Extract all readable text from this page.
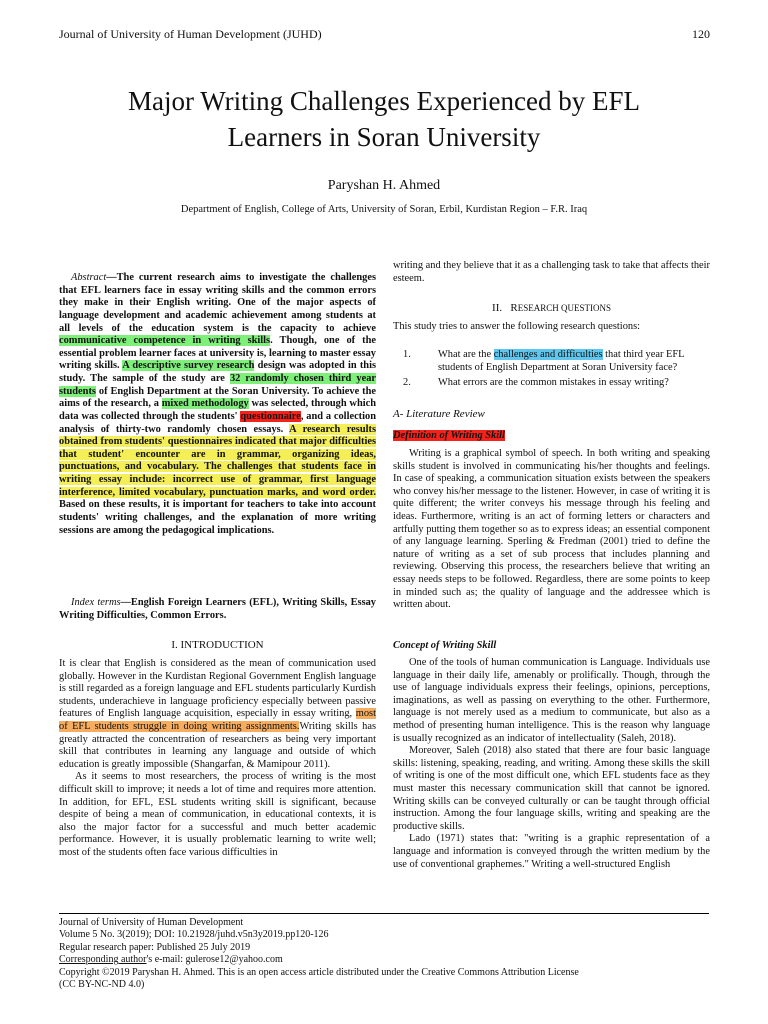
Journal of University of Human Development (JUHD)	120
Major Writing Challenges Experienced by EFL
Learners in Soran University
Paryshan H. Ahmed
Department of English, College of Arts, University of Soran, Erbil, Kurdistan Region – F.R. Iraq
Abstract—The current research aims to investigate the challenges that EFL learners face in essay writing skills and the common errors they make in their English writing. One of the major aspects of language development and academic achievement among students at all levels of the education system is the capacity to achieve communicative competence in writing skills. Though, one of the essential problem learner faces at university is, learning to master essay writing skills. A descriptive survey research design was adopted in this study. The sample of the study are 32 randomly chosen third year students of English Department at the Soran University. To achieve the aims of the research, a mixed methodology was selected, through which data was collected through the students' questionnaire, and a collection analysis of thirty-two randomly chosen essays. A research results obtained from students' questionnaires indicated that major difficulties that student' encounter are in grammar, organizing ideas, punctuations, and vocabulary. The challenges that students face in writing essay include: incorrect use of grammar, first language interference, limited vocabulary, punctuation marks, and word order. Based on these results, it is important for teachers to take into account students' writing challenges, and the explanation of more writing sessions are among the pedagogical implications.
Index terms—English Foreign Learners (EFL), Writing Skills, Essay Writing Difficulties, Common Errors.
I. INTRODUCTION

It is clear that English is considered as the mean of communication used globally. However in the Kurdistan Regional Government English language is still regarded as a foreign language and EFL students particularly Kurdish students, underachieve in language proficiency especially between passive features of English language acquisition, especially in essay writing, most of EFL students struggle in doing writing assignments.Writing skills has greatly attracted the concentration of researchers as being very important skill that contributes in learning any language and outside of which education is greatly impossible (Shangarfan, & Mamipour 2011).

As it seems to most researchers, the process of writing is the most difficult skill to improve; it needs a lot of time and requires more attention. In addition, for EFL, ESL students writing skill is significant, because despite of being a mean of communication, in educational contexts, it is also the major factor for a successful and much better academic performance. However, it is usually problematic learning to write well; most of the students often face various difficulties in

writing and they believe that it as a challenging task to take that affects their esteem.
II. RESEARCH QUESTIONS
This study tries to answer the following research questions:
1.	What are the challenges and difficulties that third year EFL students of English Department at Soran University face?
2.	What errors are the common mistakes in essay writing?
A- Literature Review
Definition of Writing Skill

Writing is a graphical symbol of speech. In both writing and speaking skills student is involved in communicating his/her thoughts and feelings. In case of speaking, a communication situation exists between the speakers who convey his/her message to the listener. However, in case of writing it is quite different; the writer conveys his message through his feeling and ideas. Furthermore, writing is an act of forming letters or characters and artfully putting them together so as to express ideas; an essential component of any language learning. Sperling & Fredman (2001) tried to define the nature of writing as a set of sub process that includes planning and reviewing. Observing this process, the researchers believe that writing an essay needs steps to be followed. Regardless, there are some points to keep in minded such as; the quality of language and the addressee which is written about.

Concept of Writing Skill

One of the tools of human communication is Language. Individuals use language in their daily life, amenably or prolifically. Though, through the use of language individuals express their feelings, opinions, perceptions, imaginations, as well as passing on everything to the other. Furthermore, language is not merely used as a medium to communicate, but also as a method of presenting human intelligence. This is the reason why language is usually recognized as an indicator of intellectuality (Saleh, 2018).

Moreover, Saleh (2018) also stated that there are four basic language skills: listening, speaking, reading, and writing. Among these skills the skill of writing is one of the most difficult one, which EFL students face as they must master this necessary communication skill that cannot be ignored. Writing skills can be conveyed culturally or can be taught through official instruction. Among the four language skills, writing and speaking are the productive skills.

Lado (1971) states that: "writing is a graphic representation of a language and information is conveyed through the written medium by the use of conventional graphemes." Writing a well-structured English

Journal of University of Human Development
Volume 5 No. 3(2019); DOI: 10.21928/juhd.v5n3y2019.pp120-126
Regular research paper: Published 25 July 2019
Corresponding author's e-mail: gulerose12@yahoo.com
Copyright ©2019 Paryshan H. Ahmed. This is an open access article distributed under the Creative Commons Attribution License
(CC BY-NC-ND 4.0)
